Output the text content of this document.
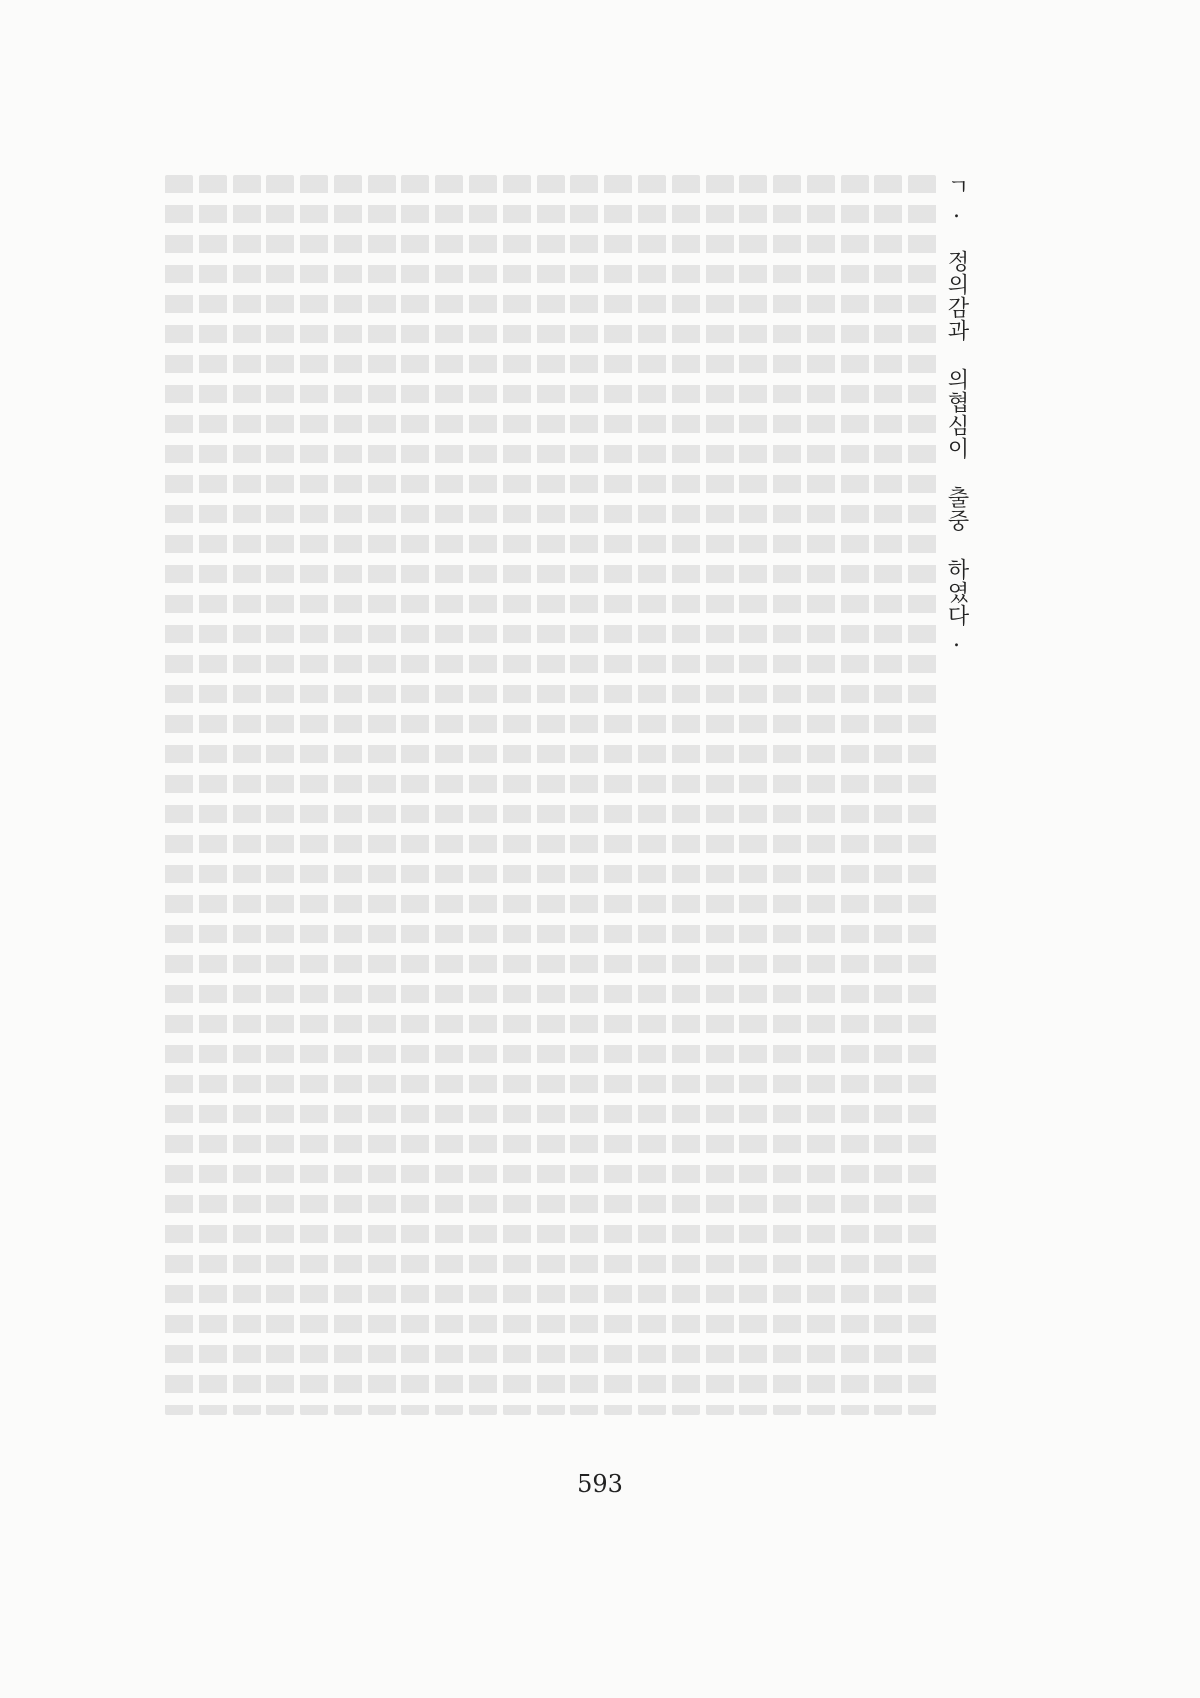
ㄱ. 정의감과 의협심이 출중 하였다.
593
